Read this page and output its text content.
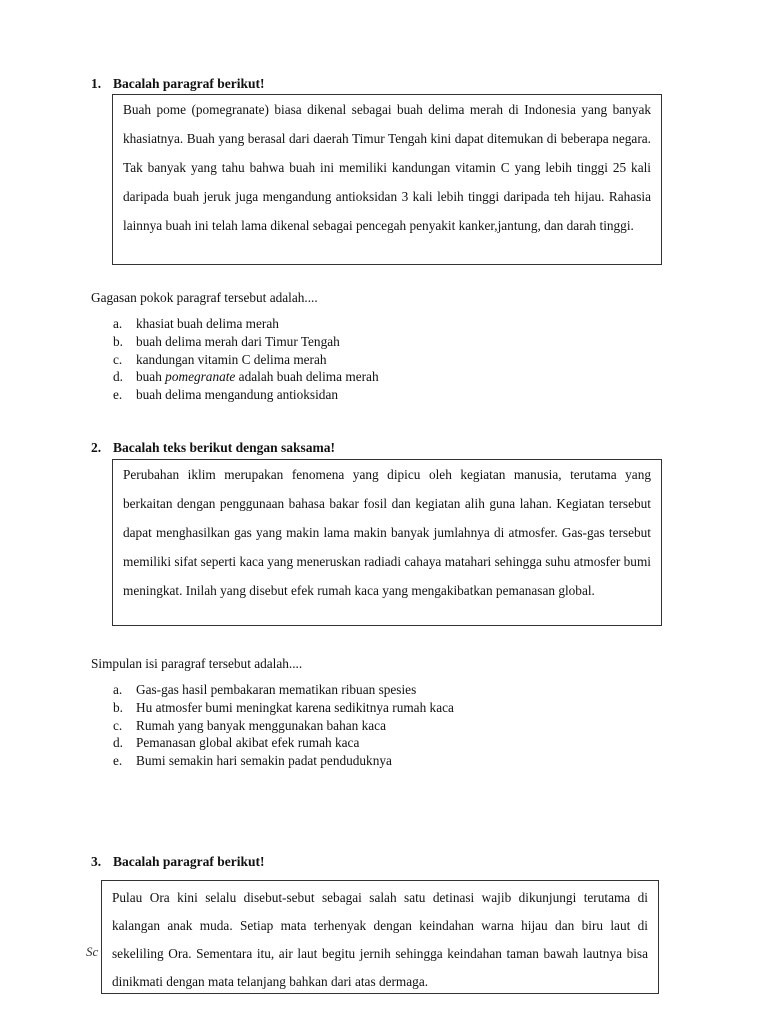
1. Bacalah paragraf berikut!

Buah pome (pomegranate) biasa dikenal sebagai buah delima merah di Indonesia yang banyak khasiatnya. Buah yang berasal dari daerah Timur Tengah kini dapat ditemukan di beberapa negara. Tak banyak yang tahu bahwa buah ini memiliki kandungan vitamin C yang lebih tinggi 25 kali daripada buah jeruk juga mengandung antioksidan 3 kali lebih tinggi daripada teh hijau. Rahasia lainnya buah ini telah lama dikenal sebagai pencegah penyakit kanker,jantung, dan darah tinggi.

Gagasan pokok paragraf tersebut adalah....
a.	khasiat buah delima merah
b. buah delima merah dari Timur Tengah
c.	kandungan vitamin C delima merah
d. buah pomegranate adalah buah delima merah
e.	buah delima mengandung antioksidan
2. Bacalah teks berikut dengan saksama!

Perubahan iklim merupakan fenomena yang dipicu oleh kegiatan manusia, terutama yang berkaitan dengan penggunaan bahasa bakar fosil dan kegiatan alih guna lahan. Kegiatan tersebut dapat menghasilkan gas yang makin lama makin banyak jumlahnya di atmosfer. Gas-gas tersebut memiliki sifat seperti kaca yang meneruskan radiadi cahaya matahari sehingga suhu atmosfer bumi meningkat. Inilah yang disebut efek rumah kaca yang mengakibatkan pemanasan global.

Simpulan isi paragraf tersebut adalah....
a.	Gas-gas hasil pembakaran mematikan ribuan spesies
b. Hu atmosfer bumi meningkat karena sedikitnya rumah kaca
c.	Rumah yang banyak menggunakan bahan kaca
d. Pemanasan global akibat efek rumah kaca
e.	Bumi semakin hari semakin padat penduduknya
3. Bacalah paragraf berikut!
Sc

Pulau Ora kini selalu disebut-sebut sebagai salah satu detinasi wajib dikunjungi terutama di kalangan anak muda. Setiap mata terhenyak dengan keindahan warna hijau dan biru laut di sekeliling Ora. Sementara itu, air laut begitu jernih sehingga keindahan taman bawah lautnya bisa dinikmati dengan mata telanjang bahkan dari atas dermaga.
